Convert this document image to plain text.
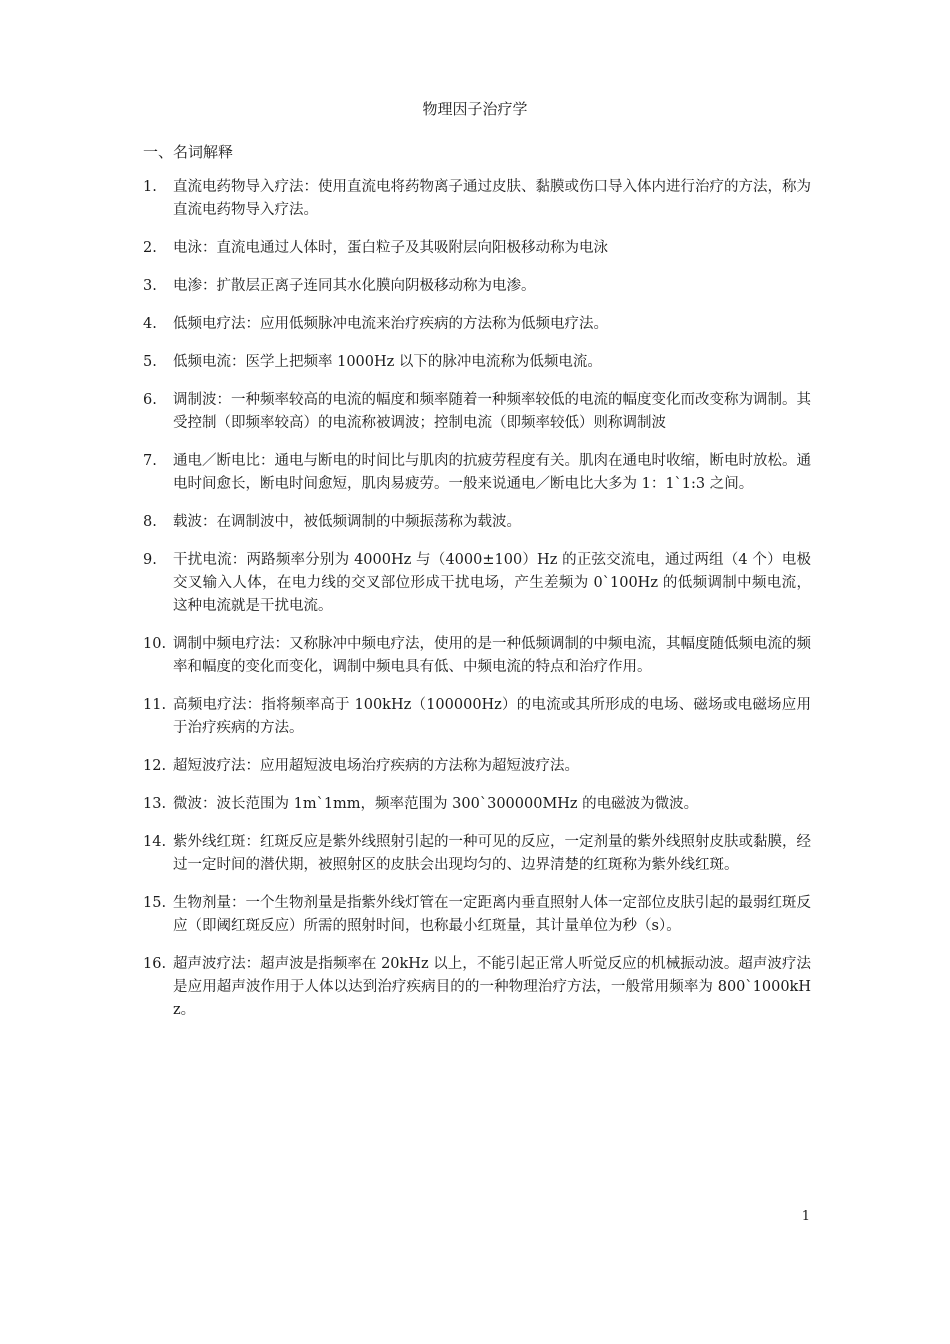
物理因子治疗学
一、名词解释
1.	直流电药物导入疗法：使用直流电将药物离子通过皮肤、黏膜或伤口导入体内进行治疗的方法，称为直流电药物导入疗法。
2.	电泳：直流电通过人体时，蛋白粒子及其吸附层向阳极移动称为电泳
3.	电渗：扩散层正离子连同其水化膜向阴极移动称为电渗。
4.	低频电疗法：应用低频脉冲电流来治疗疾病的方法称为低频电疗法。
5.	低频电流：医学上把频率 1000Hz 以下的脉冲电流称为低频电流。
6.	调制波：一种频率较高的电流的幅度和频率随着一种频率较低的电流的幅度变化而改变称为调制。其受控制（即频率较高）的电流称被调波；控制电流（即频率较低）则称调制波
7.	通电／断电比：通电与断电的时间比与肌肉的抗疲劳程度有关。肌肉在通电时收缩，断电时放松。通电时间愈长，断电时间愈短，肌肉易疲劳。一般来说通电／断电比大多为 1：1`1:3 之间。
8.	载波：在调制波中，被低频调制的中频振荡称为载波。
9.	干扰电流：两路频率分别为 4000Hz 与（4000±100）Hz 的正弦交流电，通过两组（4 个）电极交叉输入人体，在电力线的交叉部位形成干扰电场，产生差频为 0`100Hz 的低频调制中频电流，这种电流就是干扰电流。
10. 调制中频电疗法：又称脉冲中频电疗法，使用的是一种低频调制的中频电流，其幅度随低频电流的频率和幅度的变化而变化，调制中频电具有低、中频电流的特点和治疗作用。
11. 高频电疗法：指将频率高于 100kHz（100000Hz）的电流或其所形成的电场、磁场或电磁场应用于治疗疾病的方法。
12. 超短波疗法：应用超短波电场治疗疾病的方法称为超短波疗法。
13. 微波：波长范围为 1m`1mm，频率范围为 300`300000MHz 的电磁波为微波。
14. 紫外线红斑：红斑反应是紫外线照射引起的一种可见的反应，一定剂量的紫外线照射皮肤或黏膜，经过一定时间的潜伏期，被照射区的皮肤会出现均匀的、边界清楚的红斑称为紫外线红斑。
15. 生物剂量：一个生物剂量是指紫外线灯管在一定距离内垂直照射人体一定部位皮肤引起的最弱红斑反应（即阈红斑反应）所需的照射时间，也称最小红斑量，其计量单位为秒（s）。
16. 超声波疗法：超声波是指频率在 20kHz 以上，不能引起正常人听觉反应的机械振动波。超声波疗法是应用超声波作用于人体以达到治疗疾病目的的一种物理治疗方法，一般常用频率为 800`1000kHz。
1
